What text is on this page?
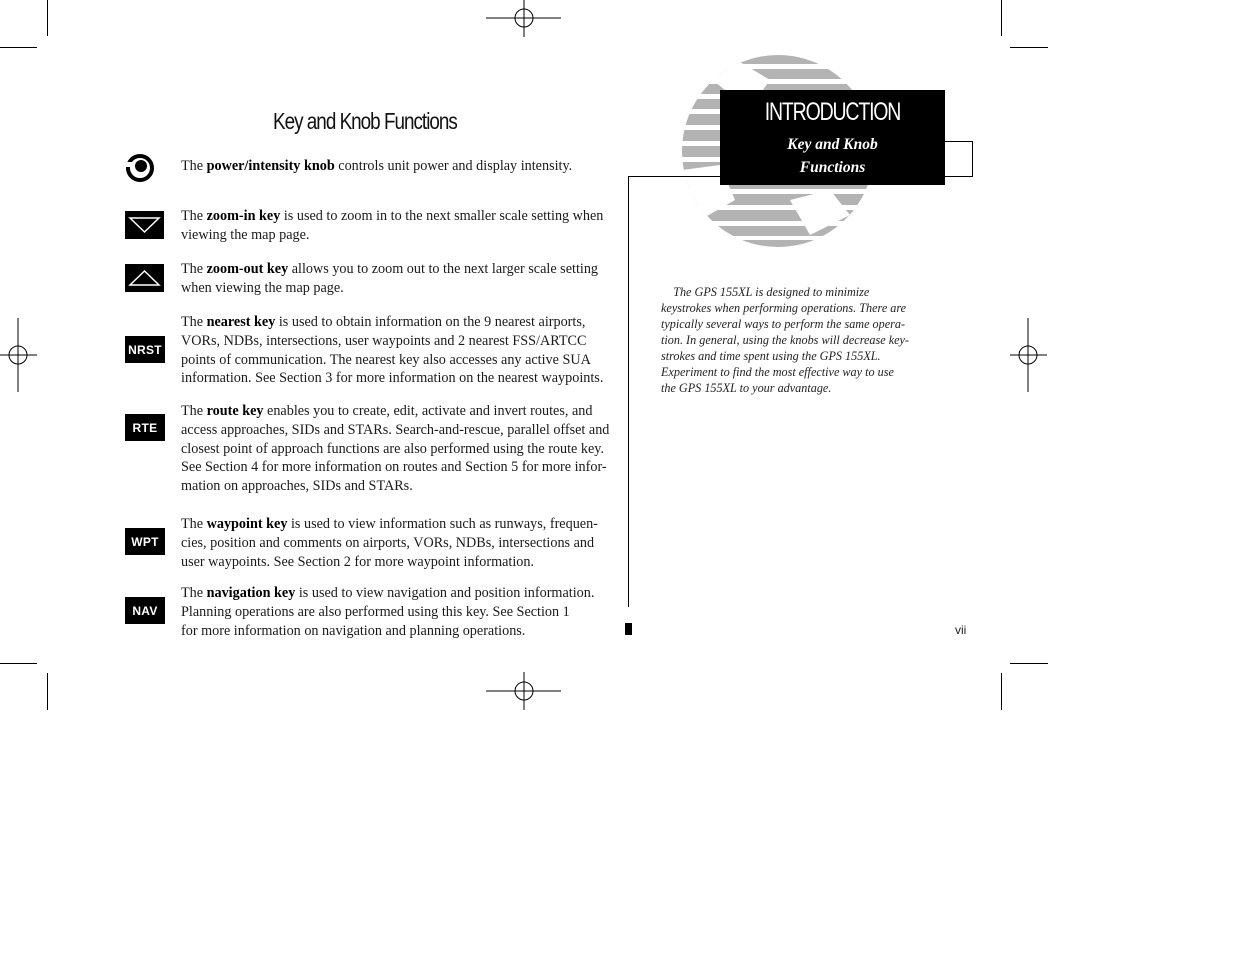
Key and Knob Functions
NRST
RTE
WPT
NAV
The power/intensity knob controls unit power and display intensity.
The zoom-in key is used to zoom in to the next smaller scale setting when
viewing the map page.
The zoom-out key allows you to zoom out to the next larger scale setting
when viewing the map page.
The nearest key is used to obtain information on the 9 nearest airports,
VORs, NDBs, intersections, user waypoints and 2 nearest FSS/ARTCC
points of communication. The nearest key also accesses any active SUA
information. See Section 3 for more information on the nearest waypoints.
The route key enables you to create, edit, activate and invert routes, and
access approaches, SIDs and STARs. Search-and-rescue, parallel offset and
closest point of approach functions are also performed using the route key.
See Section 4 for more information on routes and Section 5 for more infor-
mation on approaches, SIDs and STARs.
The waypoint key is used to view information such as runways, frequen-
cies, position and comments on airports, VORs, NDBs, intersections and
user waypoints. See Section 2 for more waypoint information.
The navigation key is used to view navigation and position information.
Planning operations are also performed using this key. See Section 1
for more information on navigation and planning operations.
INTRODUCTION
Key and Knob
Functions
The GPS 155XL is designed to minimize
keystrokes when performing operations. There are
typically several ways to perform the same opera-
tion. In general, using the knobs will decrease key-
strokes and time spent using the GPS 155XL.
Experiment to find the most effective way to use
the GPS 155XL to your advantage.
vii
